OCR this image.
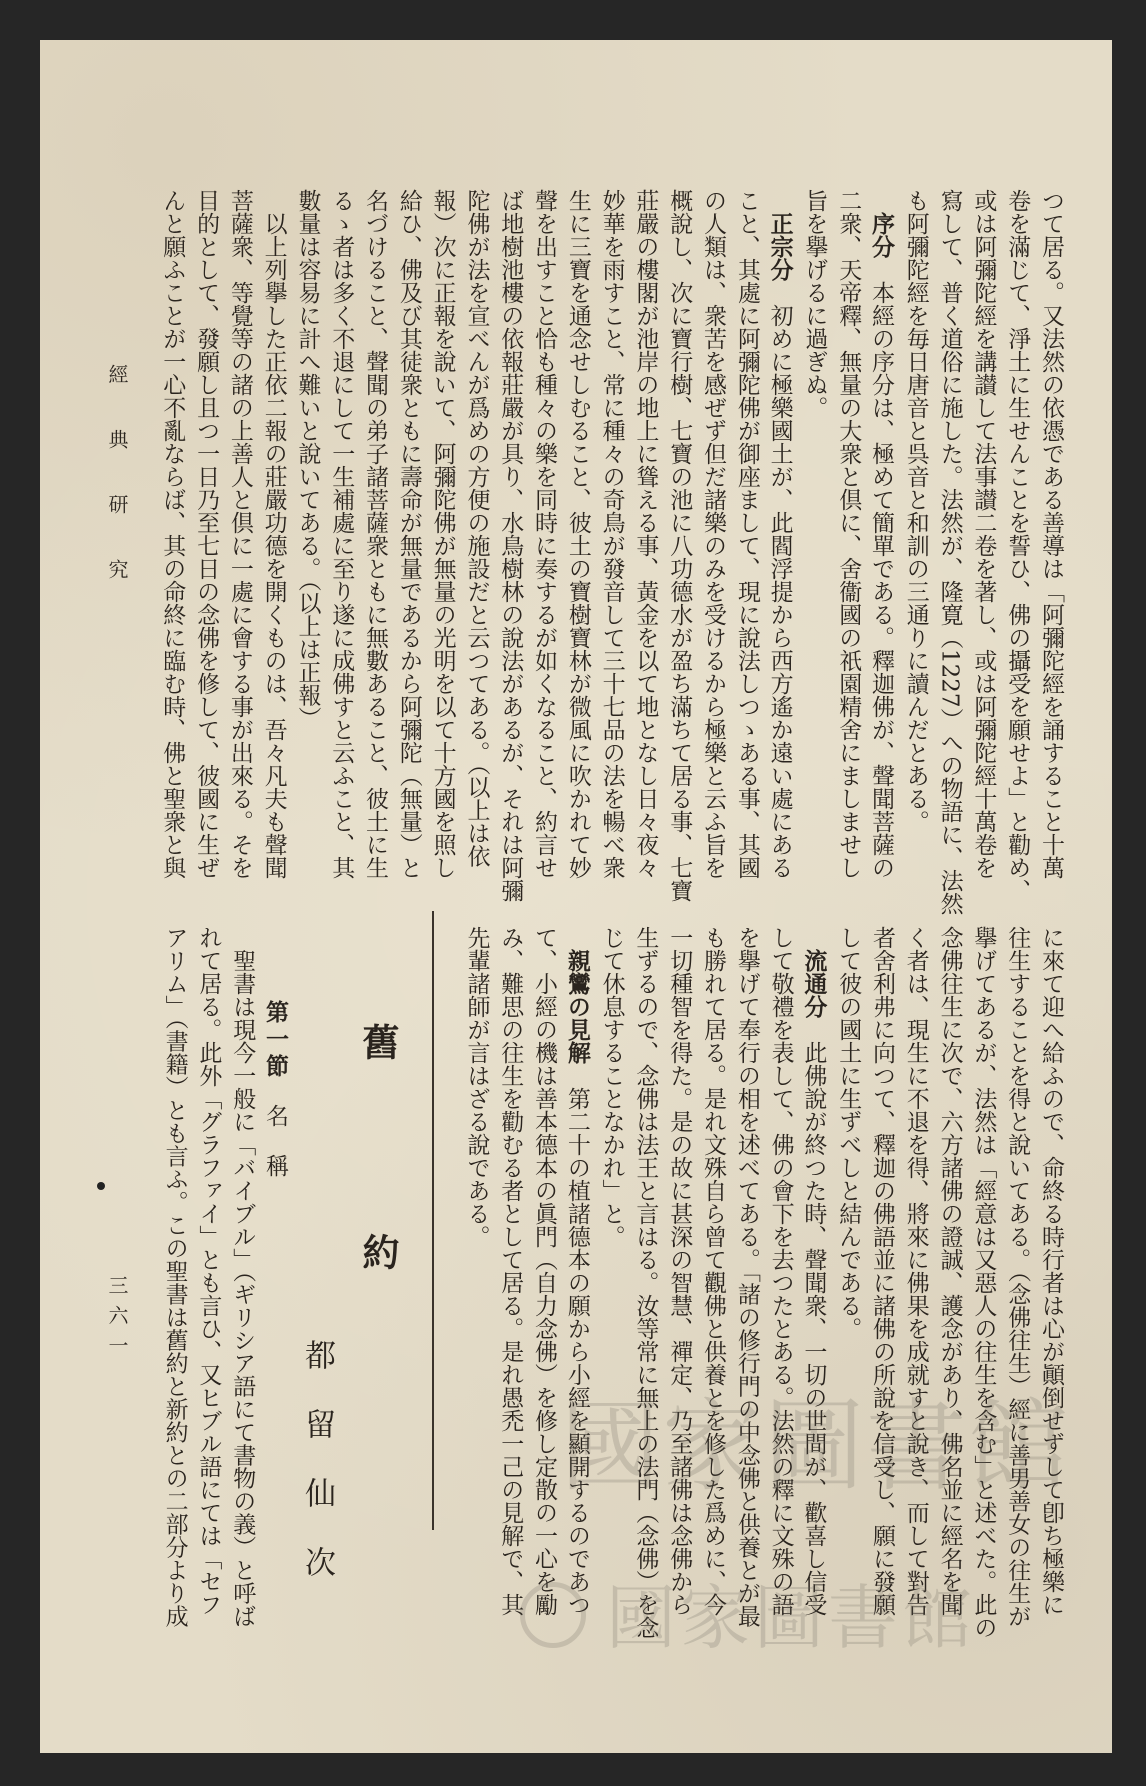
經典研究
三六一
つて居る。又法然の依憑である善導は「阿彌陀經を誦すること十萬
卷を滿じて、淨土に生せんことを誓ひ、佛の攝受を願せよ」と勸め、
或は阿彌陀經を講讃して法事讃二卷を著し、或は阿彌陀經十萬卷を
寫して、普く道俗に施した。法然が、隆寛（1227）への物語に、法然
も阿彌陀經を毎日唐音と呉音と和訓の三通りに讀んだとある。
序分本經の序分は、極めて簡單である。釋迦佛が、聲聞菩薩の
二衆、天帝釋、無量の大衆と倶に、舍衞國の祇園精舍にましませし
旨を擧げるに過ぎぬ。
正宗分初めに極樂國土が、此閻浮提から西方遙か遠い處にある
こと、其處に阿彌陀佛が御座まして、現に說法しつゝある事、其國
の人類は、衆苦を感ぜず但だ諸樂のみを受けるから極樂と云ふ旨を
概說し、次に寶行樹、七寶の池に八功德水が盈ち滿ちて居る事、七寶
莊嚴の樓閣が池岸の地上に聳える事、黃金を以て地となし日々夜々
妙華を雨すこと、常に種々の奇鳥が發音して三十七品の法を暢べ衆
生に三寶を通念せしむること、彼土の寶樹寶林が微風に吹かれて妙
聲を出すこと恰も種々の樂を同時に奏するが如くなること、約言せ
ば地樹池樓の依報莊嚴が具り、水鳥樹林の說法があるが、それは阿彌
陀佛が法を宣べんが爲めの方便の施設だと云つてある。（以上は依
報）次に正報を說いて、阿彌陀佛が無量の光明を以て十方國を照し
給ひ、佛及び其徒衆ともに壽命が無量であるから阿彌陀（無量）と
名づけること、聲聞の弟子諸菩薩衆ともに無數あること、彼土に生
るゝ者は多く不退にして一生補處に至り遂に成佛すと云ふこと、其
數量は容易に計へ難いと說いてある。（以上は正報）
以上列擧した正依二報の莊嚴功德を開くものは、吾々凡夫も聲聞
菩薩衆、等覺等の諸の上善人と倶に一處に會する事が出來る。そを
目的として、發願し且つ一日乃至七日の念佛を修して、彼國に生ぜ
んと願ふことが一心不亂ならば、其の命終に臨む時、佛と聖衆と與
に來て迎へ給ふので、命終る時行者は心が顚倒せずして卽ち極樂に
往生することを得と說いてある。（念佛往生）經に善男善女の往生が
擧げてあるが、法然は「經意は又惡人の往生を含む」と述べた。此の
念佛往生に次で、六方諸佛の證誠、護念があり、佛名並に經名を聞
く者は、現生に不退を得、將來に佛果を成就すと說き、而して對告
者舍利弗に向つて、釋迦の佛語並に諸佛の所說を信受し、願に發願
して彼の國土に生ずべしと結んである。
流通分此佛說が終つた時、聲聞衆、一切の世間が、歡喜し信受
して敬禮を表して、佛の會下を去つたとある。法然の釋に文殊の語
を擧げて奉行の相を述べてある。「諸の修行門の中念佛と供養とが最
も勝れて居る。是れ文殊自ら曾て觀佛と供養とを修した爲めに、今
一切種智を得た。是の故に甚深の智慧、禪定、乃至諸佛は念佛から
生ずるので、念佛は法王と言はる。汝等常に無上の法門（念佛）を念
じて休息することなかれ」と。
親鸞の見解第二十の植諸德本の願から小經を顯開するのであつ
て、小經の機は善本德本の眞門（自力念佛）を修し定散の一心を勵
み、難思の往生を勸むる者として居る。是れ愚禿一己の見解で、其
先輩諸師が言はざる說である。
舊約
都留仙次
第一節名稱
聖書は現今一般に「バイブル」（ギリシア語にて書物の義）と呼ば
れて居る。此外「グラファイ」とも言ひ、又ヒブル語にては「セフ
アリム」（書籍）とも言ふ。この聖書は舊約と新約との二部分より成	國家圖書館
國家圖書館
